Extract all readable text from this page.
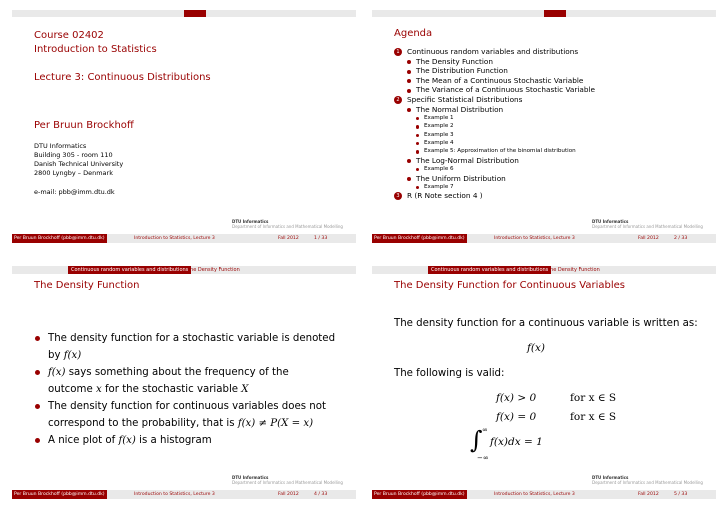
Course 02402
Introduction to Statistics
Lecture 3: Continuous Distributions
Per Bruun Brockhoff
DTU Informatics
Building 305 - room 110
Danish Technical University
2800 Lyngby – Denmark
e-mail: pbb@imm.dtu.dk
DTU Informatics
Department of Informatics and Mathematical Modelling
Per Bruun Brockhoff (pbb@imm.dtu.dk)	Introduction to Statistics, Lecture 3	Fall 2012	1 / 33
Agenda
1	Continuous random variables and distributions
The Density Function
The Distribution Function
The Mean of a Continuous Stochastic Variable
The Variance of a Continuous Stochastic Variable
2	Specific Statistical Distributions
The Normal Distribution
Example 1
Example 2
Example 3
Example 4
Example 5: Approximation of the binomial distribution
The Log-Normal Distribution
Example 6
The Uniform Distribution
Example 7
3	R (R Note section 4 )
DTU Informatics
Department of Informatics and Mathematical Modelling
Per Bruun Brockhoff (pbb@imm.dtu.dk)	Introduction to Statistics, Lecture 3	Fall 2012	2 / 33
Continuous random variables and distributions
The Density Function
The Density Function
The density function for a stochastic variable is denoted
by f(x)
f(x) says something about the frequency of the
outcome x for the stochastic variable X
The density function for continuous variables does not
correspond to the probability, that is f(x) ≠ P(X = x)
A nice plot of f(x) is a histogram
DTU Informatics
Department of Informatics and Mathematical Modelling
Per Bruun Brockhoff (pbb@imm.dtu.dk)	Introduction to Statistics, Lecture 3	Fall 2012	4 / 33
Continuous random variables and distributions
The Density Function
The Density Function for Continuous Variables
The density function for a continuous variable is written as:
f(x)
The following is valid:
f(x) > 0	for x ∈ S
f(x) = 0	for x ∈ S
∫ ∞
−∞
f(x)dx = 1
DTU Informatics
Department of Informatics and Mathematical Modelling
Per Bruun Brockhoff (pbb@imm.dtu.dk)	Introduction to Statistics, Lecture 3	Fall 2012	5 / 33
